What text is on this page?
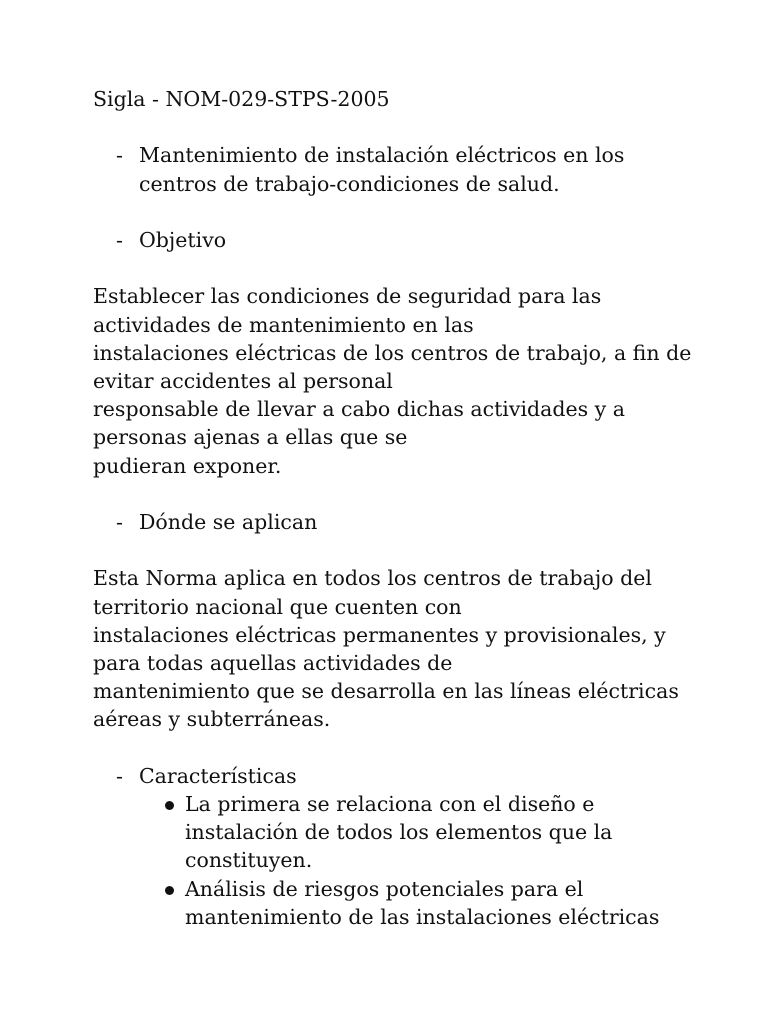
Sigla - NOM-029-STPS-2005
- Mantenimiento de instalación eléctricos en los
centros de trabajo-condiciones de salud.
- Objetivo
Establecer las condiciones de seguridad para las
actividades de mantenimiento en las
instalaciones eléctricas de los centros de trabajo, a fin de
evitar accidentes al personal
responsable de llevar a cabo dichas actividades y a
personas ajenas a ellas que se
pudieran exponer.
- Dónde se aplican
Esta Norma aplica en todos los centros de trabajo del
territorio nacional que cuenten con
instalaciones eléctricas permanentes y provisionales, y
para todas aquellas actividades de
mantenimiento que se desarrolla en las líneas eléctricas
aéreas y subterráneas.
- Características
La primera se relaciona con el diseño e
instalación de todos los elementos que la
constituyen.
Análisis de riesgos potenciales para el
mantenimiento de las instalaciones eléctricas
